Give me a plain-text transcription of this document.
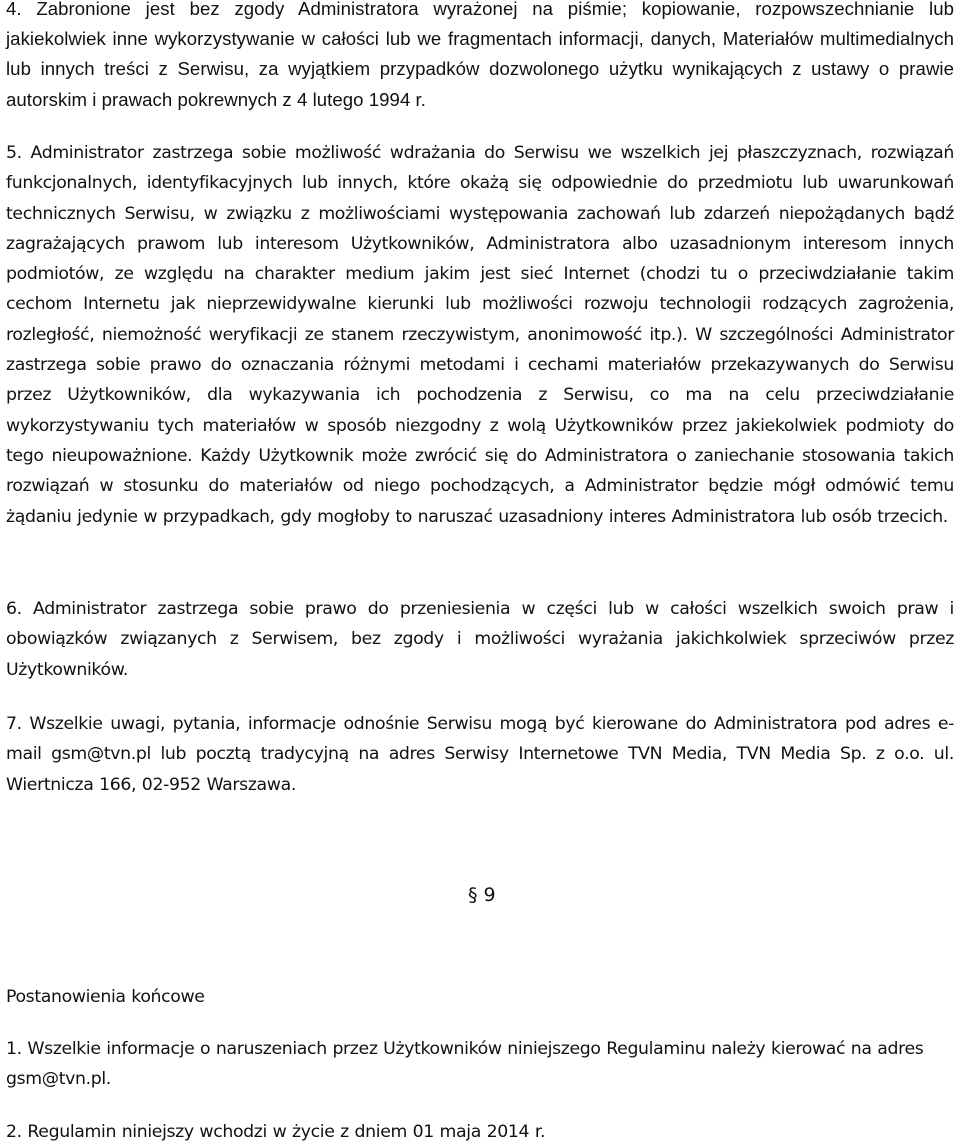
4. Zabronione jest bez zgody Administratora wyrażonej na piśmie; kopiowanie, rozpowszechnianie lub jakiekolwiek inne wykorzystywanie w całości lub we fragmentach informacji, danych, Materiałów multimedialnych lub innych treści z Serwisu, za wyjątkiem przypadków dozwolonego użytku wynikających z ustawy o prawie autorskim i prawach pokrewnych z 4 lutego 1994 r.

5. Administrator zastrzega sobie możliwość wdrażania do Serwisu we wszelkich jej płaszczyznach, rozwiązań funkcjonalnych, identyfikacyjnych lub innych, które okażą się odpowiednie do przedmiotu lub uwarunkowań technicznych Serwisu, w związku z możliwościami występowania zachowań lub zdarzeń niepożądanych bądź zagrażających prawom lub interesom Użytkowników, Administratora albo uzasadnionym interesom innych podmiotów, ze względu na charakter medium jakim jest sieć Internet (chodzi tu o przeciwdziałanie takim cechom Internetu jak nieprzewidywalne kierunki lub możliwości rozwoju technologii rodzących zagrożenia, rozległość, niemożność weryfikacji ze stanem rzeczywistym, anonimowość itp.). W szczególności Administrator zastrzega sobie prawo do oznaczania różnymi metodami i cechami materiałów przekazywanych do Serwisu przez Użytkowników, dla wykazywania ich pochodzenia z Serwisu, co ma na celu przeciwdziałanie wykorzystywaniu tych materiałów w sposób niezgodny z wolą Użytkowników przez jakiekolwiek podmioty do tego nieupoważnione. Każdy Użytkownik może zwrócić się do Administratora o zaniechanie stosowania takich rozwiązań w stosunku do materiałów od niego pochodzących, a Administrator będzie mógł odmówić temu żądaniu jedynie w przypadkach, gdy mogłoby to naruszać uzasadniony interes Administratora lub osób trzecich.

6. Administrator zastrzega sobie prawo do przeniesienia w części lub w całości wszelkich swoich praw i obowiązków związanych z Serwisem, bez zgody i możliwości wyrażania jakichkolwiek sprzeciwów przez Użytkowników.

7. Wszelkie uwagi, pytania, informacje odnośnie Serwisu mogą być kierowane do Administratora pod adres e-mail gsm@tvn.pl lub pocztą tradycyjną na adres Serwisy Internetowe TVN Media, TVN Media Sp. z o.o. ul. Wiertnicza 166, 02-952 Warszawa.

§ 9

Postanowienia końcowe

1. Wszelkie informacje o naruszeniach przez Użytkowników niniejszego Regulaminu należy kierować na adres gsm@tvn.pl.

2. Regulamin niniejszy wchodzi w życie z dniem 01 maja 2014 r.
